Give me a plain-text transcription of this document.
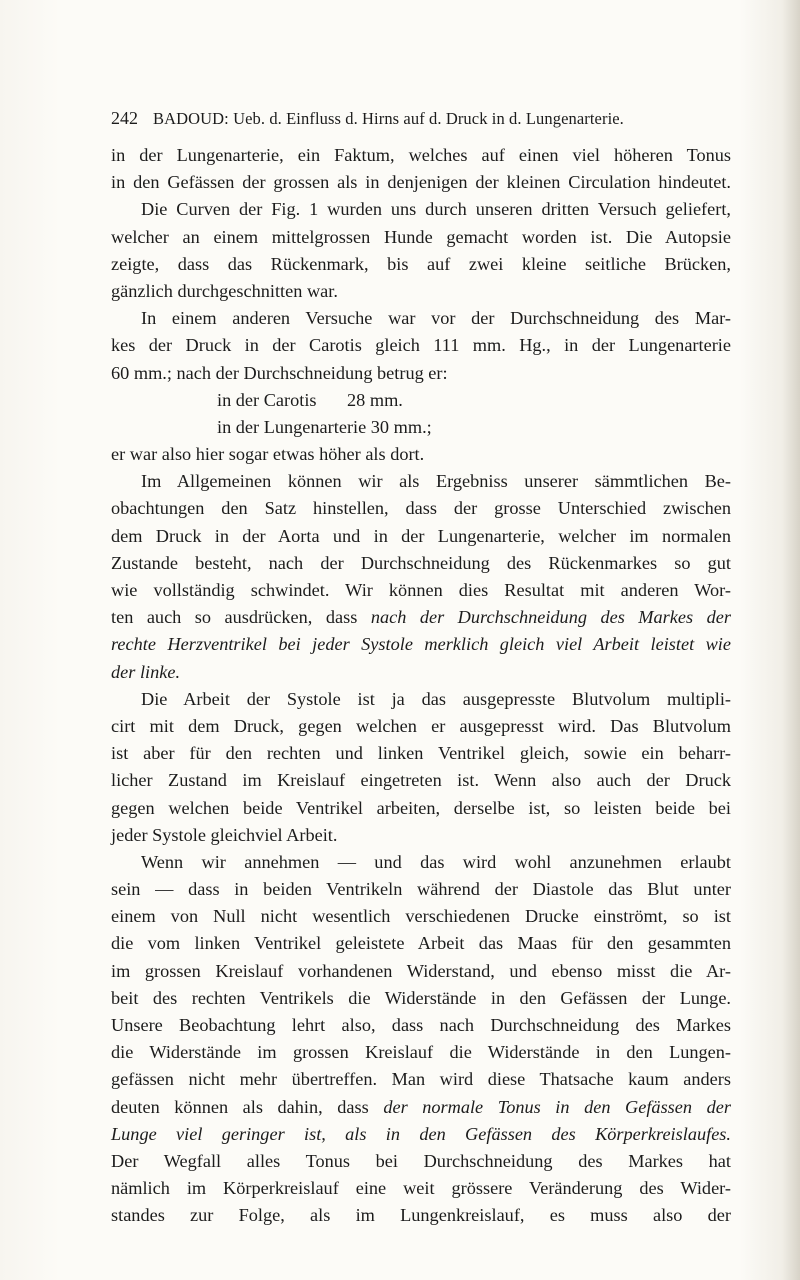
242 BADOUD: Ueb. d. Einfluss d. Hirns auf d. Druck in d. Lungenarterie.
in der Lungenarterie, ein Faktum, welches auf einen viel höheren Tonus
in den Gefässen der grossen als in denjenigen der kleinen Circulation hindeutet.
Die Curven der Fig. 1 wurden uns durch unseren dritten Versuch geliefert,
welcher an einem mittelgrossen Hunde gemacht worden ist. Die Autopsie
zeigte, dass das Rückenmark, bis auf zwei kleine seitliche Brücken,
gänzlich durchgeschnitten war.
In einem anderen Versuche war vor der Durchschneidung des Mar-
kes der Druck in der Carotis gleich 111 mm. Hg., in der Lungenarterie
60 mm.; nach der Durchschneidung betrug er:
in der Carotis 28 mm.
in der Lungenarterie 30 mm.;
er war also hier sogar etwas höher als dort.
Im Allgemeinen können wir als Ergebniss unserer sämmtlichen Be-
obachtungen den Satz hinstellen, dass der grosse Unterschied zwischen
dem Druck in der Aorta und in der Lungenarterie, welcher im normalen
Zustande besteht, nach der Durchschneidung des Rückenmarkes so gut
wie vollständig schwindet. Wir können dies Resultat mit anderen Wor-
ten auch so ausdrücken, dass nach der Durchschneidung des Markes der
rechte Herzventrikel bei jeder Systole merklich gleich viel Arbeit leistet wie
der linke.
Die Arbeit der Systole ist ja das ausgepresste Blutvolum multipli-
cirt mit dem Druck, gegen welchen er ausgepresst wird. Das Blutvolum
ist aber für den rechten und linken Ventrikel gleich, sowie ein beharr-
licher Zustand im Kreislauf eingetreten ist. Wenn also auch der Druck
gegen welchen beide Ventrikel arbeiten, derselbe ist, so leisten beide bei
jeder Systole gleichviel Arbeit.
Wenn wir annehmen — und das wird wohl anzunehmen erlaubt
sein — dass in beiden Ventrikeln während der Diastole das Blut unter
einem von Null nicht wesentlich verschiedenen Drucke einströmt, so ist
die vom linken Ventrikel geleistete Arbeit das Maas für den gesammten
im grossen Kreislauf vorhandenen Widerstand, und ebenso misst die Ar-
beit des rechten Ventrikels die Widerstände in den Gefässen der Lunge.
Unsere Beobachtung lehrt also, dass nach Durchschneidung des Markes
die Widerstände im grossen Kreislauf die Widerstände in den Lungen-
gefässen nicht mehr übertreffen. Man wird diese Thatsache kaum anders
deuten können als dahin, dass der normale Tonus in den Gefässen der
Lunge viel geringer ist, als in den Gefässen des Körperkreislaufes.
Der Wegfall alles Tonus bei Durchschneidung des Markes hat
nämlich im Körperkreislauf eine weit grössere Veränderung des Wider-
standes zur Folge, als im Lungenkreislauf, es muss also der
